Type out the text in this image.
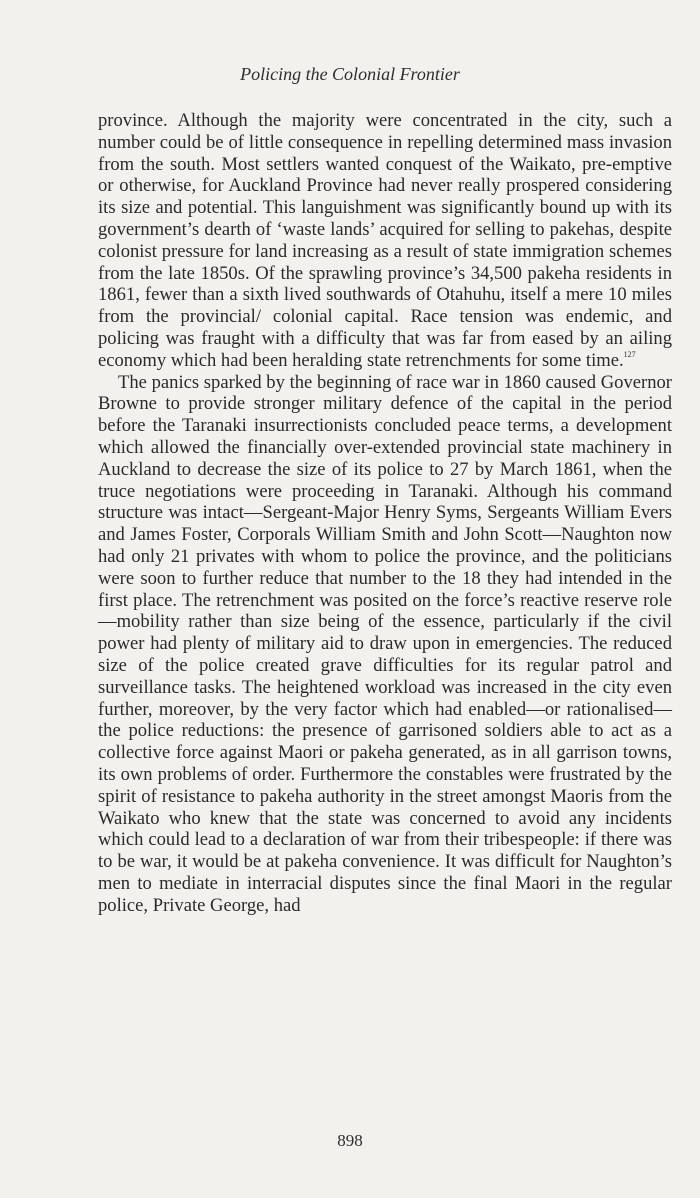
Policing the Colonial Frontier

province. Although the majority were concentrated in the city, such a number could be of little consequence in repelling determined mass invasion from the south. Most settlers wanted conquest of the Waikato, pre-emptive or otherwise, for Auckland Province had never really prospered considering its size and potential. This languishment was significantly bound up with its government’s dearth of ‘waste lands’ acquired for selling to pakehas, despite colonist pressure for land increasing as a result of state immigration schemes from the late 1850s. Of the sprawling province’s 34,500 pakeha residents in 1861, fewer than a sixth lived southwards of Otahuhu, itself a mere 10 miles from the provincial/ colonial capital. Race tension was endemic, and policing was fraught with a difficulty that was far from eased by an ailing economy which had been heralding state retrenchments for some time.$^{127}$

The panics sparked by the beginning of race war in 1860 caused Governor Browne to provide stronger military defence of the capital in the period before the Taranaki insurrectionists concluded peace terms, a development which allowed the financially over-extended provincial state machinery in Auckland to decrease the size of its police to 27 by March 1861, when the truce negotiations were proceeding in Taranaki. Although his command structure was intact—Sergeant-Major Henry Syms, Sergeants William Evers and James Foster, Corporals William Smith and John Scott—Naughton now had only 21 privates with whom to police the province, and the politicians were soon to further reduce that number to the 18 they had intended in the first place. The retrenchment was posited on the force’s reactive reserve role—mobility rather than size being of the essence, particularly if the civil power had plenty of military aid to draw upon in emergencies. The reduced size of the police created grave difficulties for its regular patrol and surveillance tasks. The heightened workload was increased in the city even further, moreover, by the very factor which had enabled—or rationalised—the police reductions: the presence of garrisoned soldiers able to act as a collective force against Maori or pakeha generated, as in all garrison towns, its own problems of order. Furthermore the constables were frustrated by the spirit of resistance to pakeha authority in the street amongst Maoris from the Waikato who knew that the state was concerned to avoid any incidents which could lead to a declaration of war from their tribespeople: if there was to be war, it would be at pakeha convenience. It was difficult for Naughton’s men to mediate in interracial disputes since the final Maori in the regular police, Private George, had

898
